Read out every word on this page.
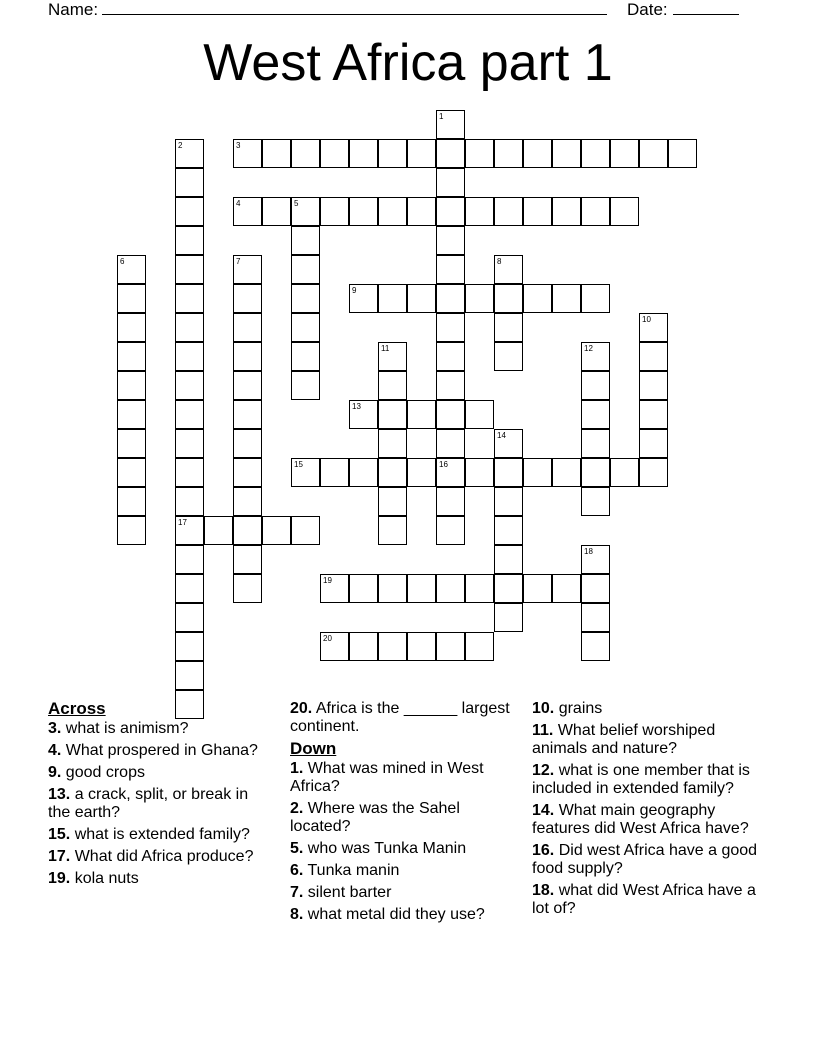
Name:	Date:
West Africa part 1
1
16
2
17
3
4	5
6	7	8
9
10
11	12
13
14
15
18
19
20
Across
3. what is animism?
4. What prospered in Ghana?
9. good crops
13. a crack, split, or break in the earth?
15. what is extended family?
17. What did Africa produce?
19. kola nuts
20. Africa is the ______ largest continent.
Down
1. What was mined in West Africa?
2. Where was the Sahel located?
5. who was Tunka Manin
6. Tunka manin
7. silent barter
8. what metal did they use?
10. grains
11. What belief worshiped animals and nature?
12. what is one member that is included in extended family?
14. What main geography features did West Africa have?
16. Did west Africa have a good food supply?
18. what did West Africa have a lot of?
